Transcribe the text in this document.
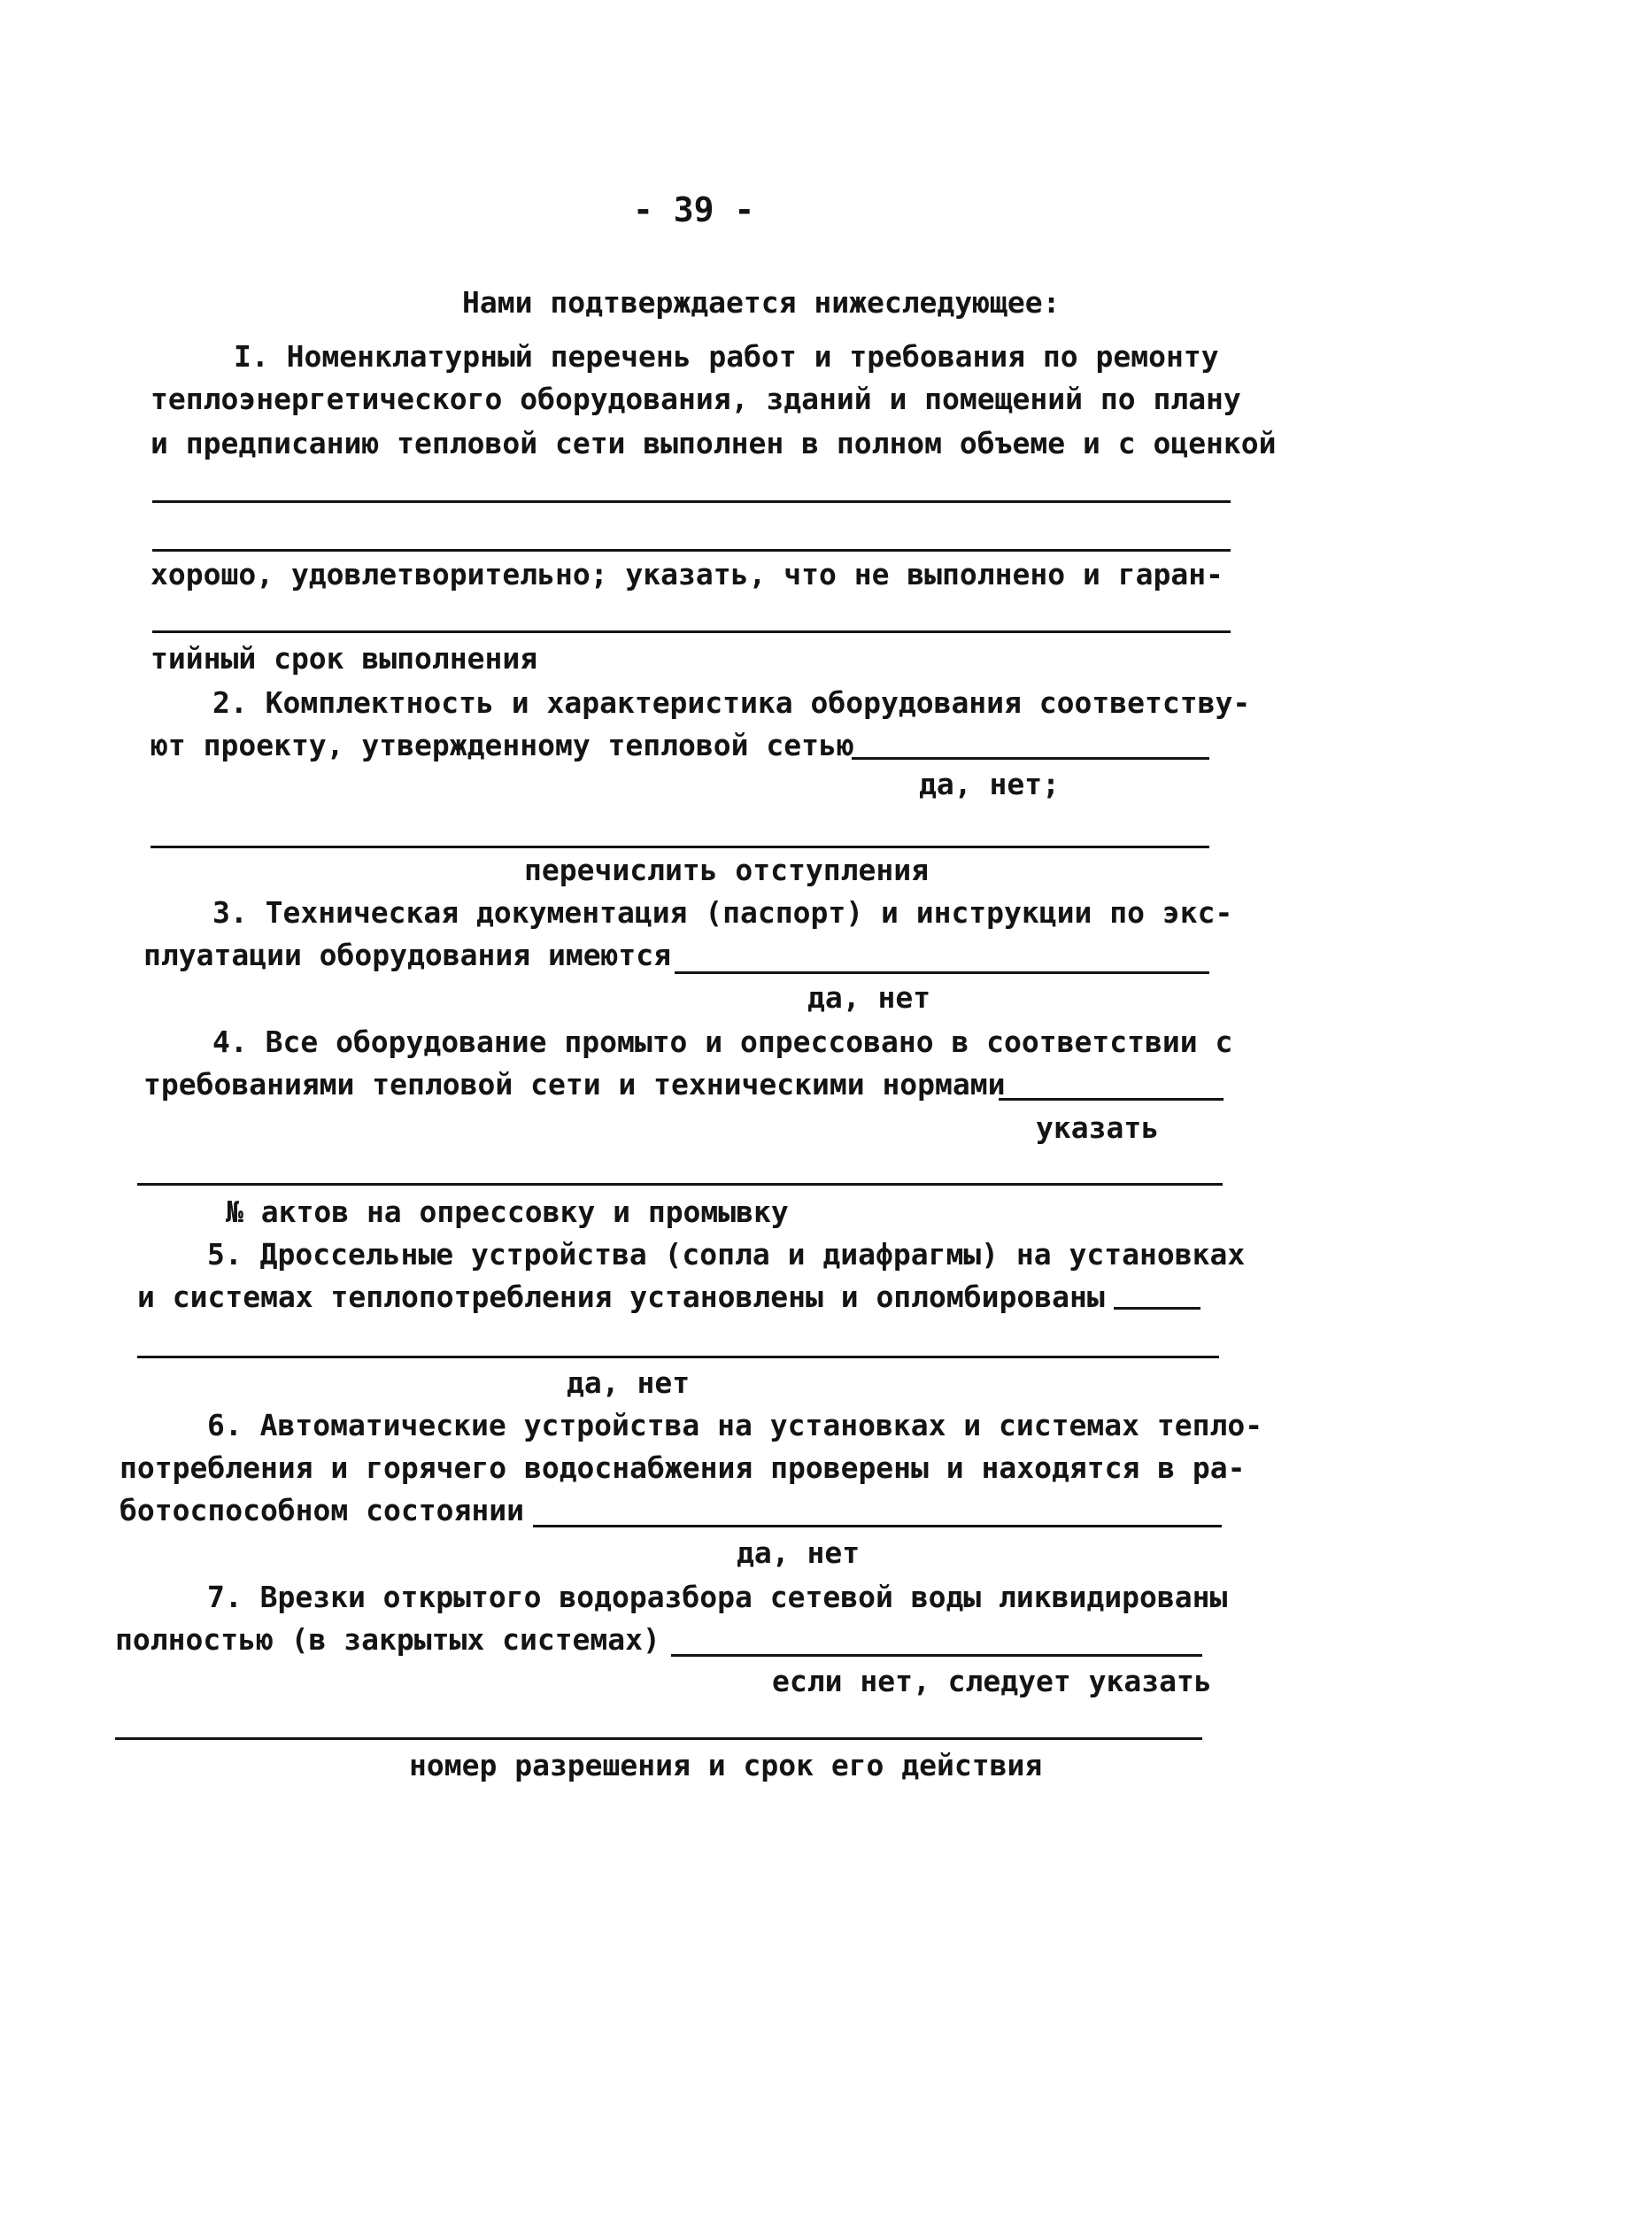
- 39 -
Нами подтверждается нижеследующее:
I. Номенклатурный перечень работ и требования по ремонту
теплоэнергетического оборудования, зданий и помещений по плану
и предписанию тепловой сети выполнен в полном объеме и с оценкой
хорошо, удовлетворительно; указать, что не выполнено и гаран-
тийный срок выполнения
2. Комплектность и характеристика оборудования соответству-
ют проекту, утвержденному тепловой сетью
да, нет;
перечислить отступления
3. Техническая документация (паспорт) и инструкции по экс-
плуатации оборудования имеются
да, нет
4. Все оборудование промыто и опрессовано в соответствии с
требованиями тепловой сети и техническими нормами
указать
№ актов на опрессовку и промывку
5. Дроссельные устройства (сопла и диафрагмы) на установках
и системах теплопотребления установлены и опломбированы
да, нет
6. Автоматические устройства на установках и системах тепло-
потребления и горячего водоснабжения проверены и находятся в ра-
ботоспособном состоянии
да, нет
7. Врезки открытого водоразбора сетевой воды ликвидированы
полностью (в закрытых системах)
если нет, следует указать
номер разрешения и срок его действия
